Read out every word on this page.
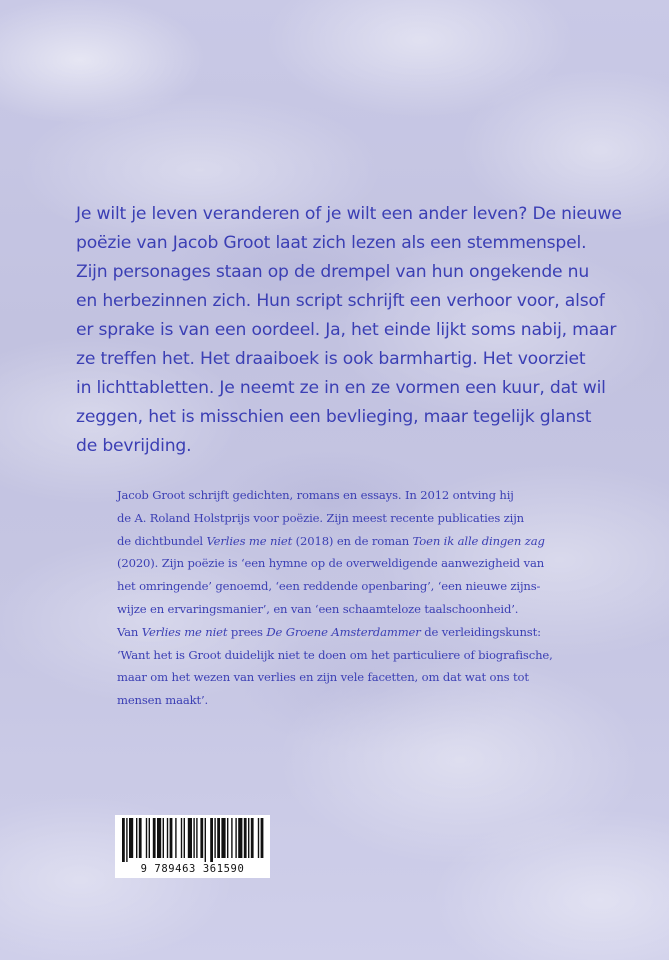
Je wilt je leven veranderen of je wilt een ander leven? De nieuwe
poëzie van Jacob Groot laat zich lezen als een stemmenspel.
Zijn personages staan op de drempel van hun ongekende nu
en herbezinnen zich. Hun script schrijft een verhoor voor, alsof
er sprake is van een oordeel. Ja, het einde lijkt soms nabij, maar
ze treffen het. Het draaiboek is ook barmhartig. Het voorziet
in lichttabletten. Je neemt ze in en ze vormen een kuur, dat wil
zeggen, het is misschien een bevlieging, maar tegelijk glanst
de bevrijding.

Jacob Groot schrijft gedichten, romans en essays. In 2012 ontving hij
de A. Roland Holstprijs voor poëzie. Zijn meest recente publicaties zijn
de dichtbundel Verlies me niet (2018) en de roman Toen ik alle dingen zag
(2020). Zijn poëzie is ‘een hymne op de overweldigende aanwezigheid van
het omringende’ genoemd, ‘een reddende openbaring’, ‘een nieuwe zijns-
wijze en ervaringsmanier’, en van ‘een schaamteloze taalschoonheid’.
Van Verlies me niet prees De Groene Amsterdammer de verleidingskunst:
‘Want het is Groot duidelijk niet te doen om het particuliere of biografische,
maar om het wezen van verlies en zijn vele facetten, om dat wat ons tot
mensen maakt’.

9 789463 361590
